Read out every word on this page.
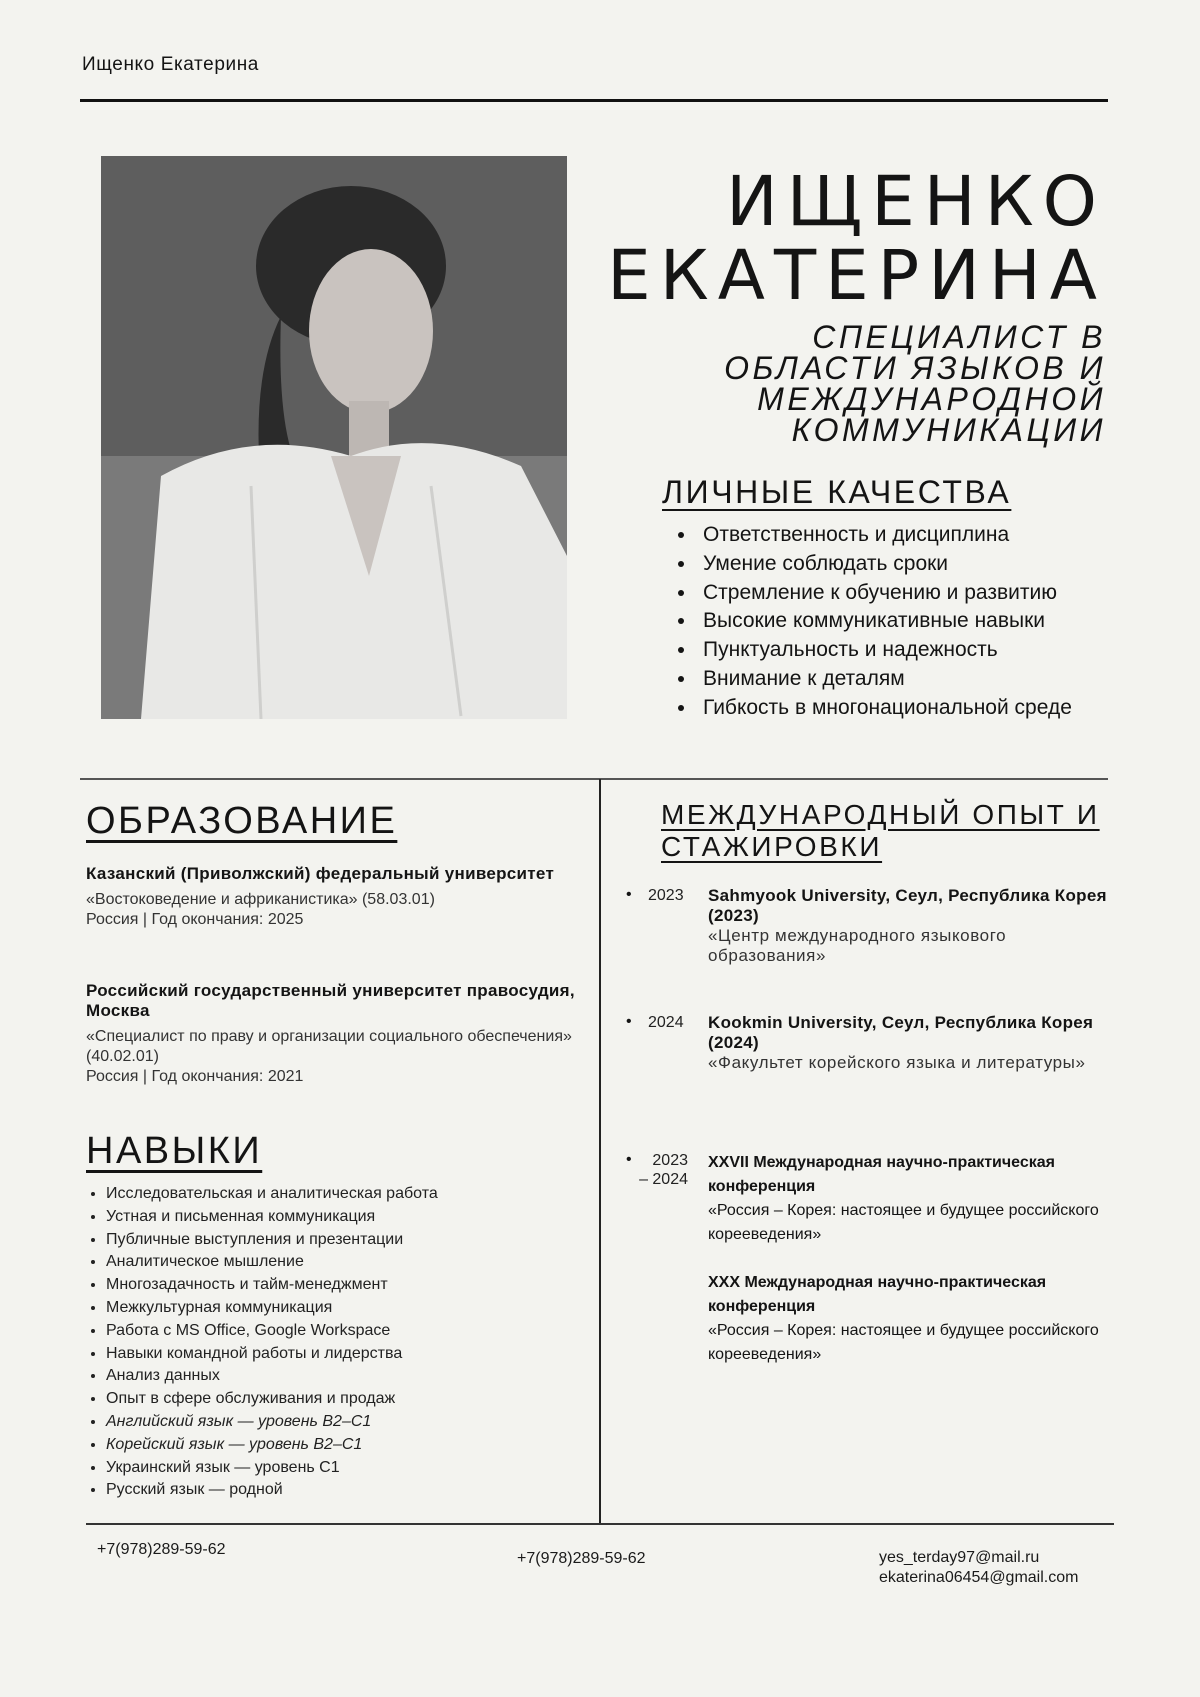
Ищенко Екатерина
ИЩЕНКО
ЕКАТЕРИНА
СПЕЦИАЛИСТ В
ОБЛАСТИ ЯЗЫКОВ И
МЕЖДУНАРОДНОЙ
КОММУНИКАЦИИ
ЛИЧНЫЕ КАЧЕСТВА
• Ответственность и дисциплина
• Умение соблюдать сроки
• Стремление к обучению и развитию
• Высокие коммуникативные навыки
• Пунктуальность и надежность
• Внимание к деталям
• Гибкость в многонациональной среде
ОБРАЗОВАНИЕ
Казанский (Приволжский) федеральный университет
«Востоковедение и африканистика» (58.03.01)
Россия | Год окончания: 2025
Российский государственный университет правосудия, Москва
«Специалист по праву и организации социального обеспечения» (40.02.01)
Россия | Год окончания: 2021
НАВЫКИ
• Исследовательская и аналитическая работа
• Устная и письменная коммуникация
• Публичные выступления и презентации
• Аналитическое мышление
• Многозадачность и тайм-менеджмент
• Межкультурная коммуникация
• Работа с MS Office, Google Workspace
• Навыки командной работы и лидерства
• Анализ данных
• Опыт в сфере обслуживания и продаж
• Английский язык — уровень B2–C1
• Корейский язык — уровень B2–C1
• Украинский язык — уровень C1
• Русский язык — родной
МЕЖДУНАРОДНЫЙ ОПЫТ И
СТАЖИРОВКИ
• 2023 Sahmyook University, Сеул, Республика Корея (2023)
«Центр международного языкового образования»
• 2024 Kookmin University, Сеул, Республика Корея (2024)
«Факультет корейского языка и литературы»
•	2023
– 2024
XXVII Международная научно-практическая конференция
«Россия – Корея: настоящее и будущее российского корееведения»
XXX Международная научно-практическая конференция
«Россия – Корея: настоящее и будущее российского корееведения»
+7(978)289-59-62
+7(978)289-59-62	yes_terday97@mail.ru
ekaterina06454@gmail.com
